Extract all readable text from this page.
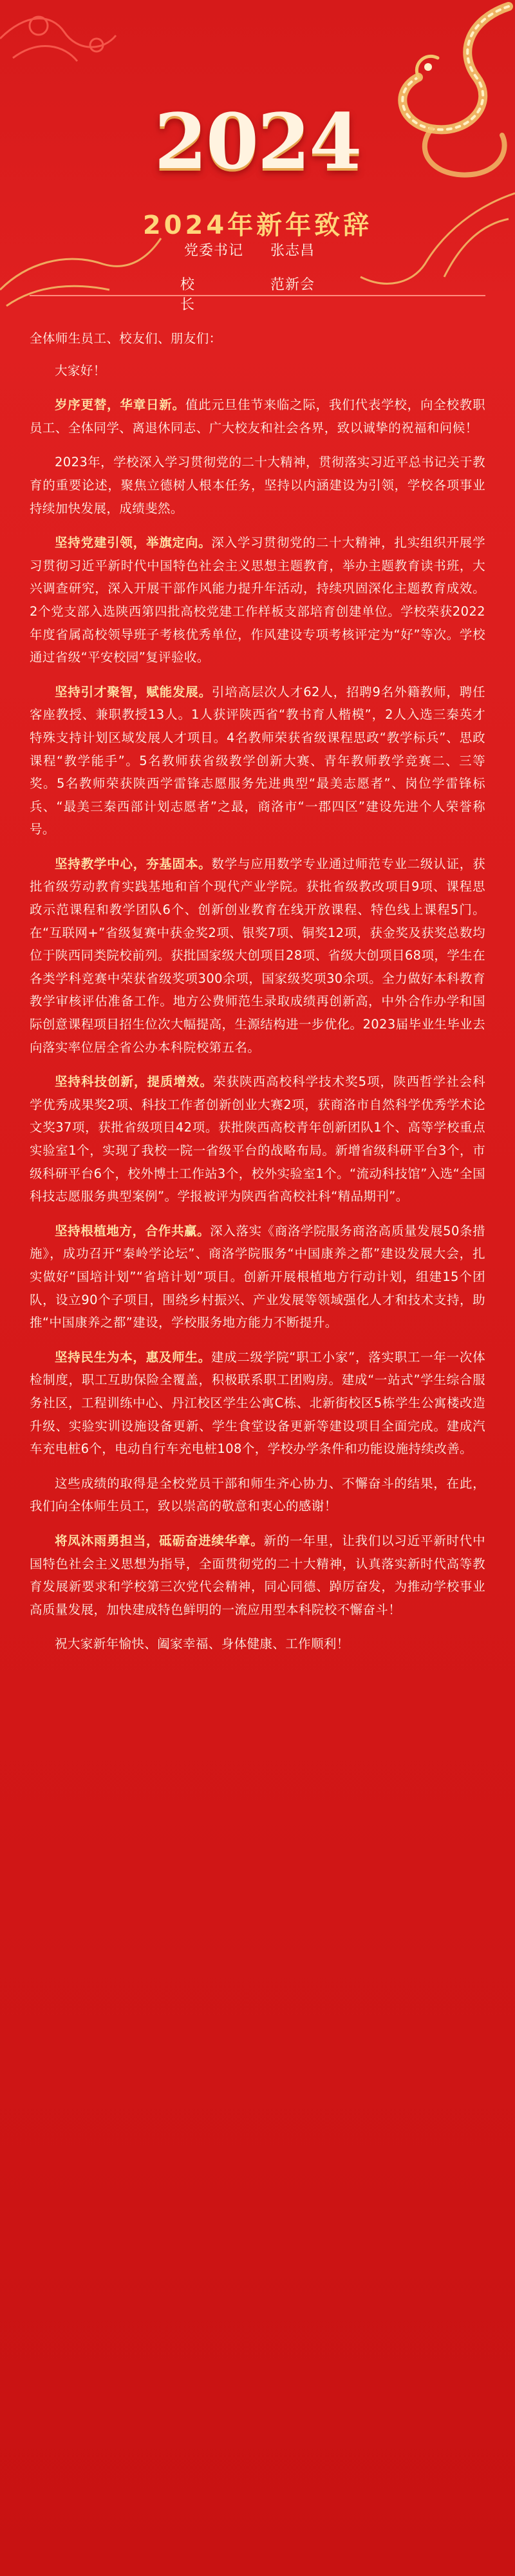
2024
2024年新年致辞
党委书记 张志昌
校长
范新会

全体师生员工、校友们、朋友们：

大家好！

岁序更替，华章日新。值此元旦佳节来临之际，我们代表学校，向全校教职员工、全体同学、离退休同志、广大校友和社会各界，致以诚挚的祝福和问候！

2023年，学校深入学习贯彻党的二十大精神，贯彻落实习近平总书记关于教育的重要论述，聚焦立德树人根本任务，坚持以内涵建设为引领，学校各项事业持续加快发展，成绩斐然。

坚持党建引领，举旗定向。深入学习贯彻党的二十大精神，扎实组织开展学习贯彻习近平新时代中国特色社会主义思想主题教育，举办主题教育读书班，大兴调查研究，深入开展干部作风能力提升年活动，持续巩固深化主题教育成效。2个党支部入选陕西第四批高校党建工作样板支部培育创建单位。学校荣获2022年度省属高校领导班子考核优秀单位，作风建设专项考核评定为“好”等次。学校通过省级“平安校园”复评验收。

坚持引才聚智，赋能发展。引培高层次人才62人，招聘9名外籍教师，聘任客座教授、兼职教授13人。1人获评陕西省“教书育人楷模”，2人入选三秦英才特殊支持计划区域发展人才项目。4名教师荣获省级课程思政“教学标兵”、思政课程“教学能手”。5名教师获省级教学创新大赛、青年教师教学竞赛二、三等奖。5名教师荣获陕西学雷锋志愿服务先进典型“最美志愿者”、岗位学雷锋标兵、“最美三秦西部计划志愿者”之最，商洛市“一郡四区”建设先进个人荣誉称号。

坚持教学中心，夯基固本。数学与应用数学专业通过师范专业二级认证，获批省级劳动教育实践基地和首个现代产业学院。获批省级教改项目9项、课程思政示范课程和教学团队6个、创新创业教育在线开放课程、特色线上课程5门。在“互联网+”省级复赛中获金奖2项、银奖7项、铜奖12项，获金奖及获奖总数均位于陕西同类院校前列。获批国家级大创项目28项、省级大创项目68项，学生在各类学科竞赛中荣获省级奖项300余项，国家级奖项30余项。全力做好本科教育教学审核评估准备工作。地方公费师范生录取成绩再创新高，中外合作办学和国际创意课程项目招生位次大幅提高，生源结构进一步优化。2023届毕业生毕业去向落实率位居全省公办本科院校第五名。

坚持科技创新，提质增效。荣获陕西高校科学技术奖5项，陕西哲学社会科学优秀成果奖2项、科技工作者创新创业大赛2项，获商洛市自然科学优秀学术论文奖37项，获批省级项目42项。获批陕西高校青年创新团队1个、高等学校重点实验室1个，实现了我校一院一省级平台的战略布局。新增省级科研平台3个，市级科研平台6个，校外博士工作站3个，校外实验室1个。“流动科技馆”入选“全国科技志愿服务典型案例”。学报被评为陕西省高校社科“精品期刊”。

坚持根植地方，合作共赢。深入落实《商洛学院服务商洛高质量发展50条措施》，成功召开“秦岭学论坛”、商洛学院服务“中国康养之都”建设发展大会，扎实做好“国培计划”“省培计划”项目。创新开展根植地方行动计划，组建15个团队，设立90个子项目，围绕乡村振兴、产业发展等领域强化人才和技术支持，助推“中国康养之都”建设，学校服务地方能力不断提升。

坚持民生为本，惠及师生。建成二级学院“职工小家”，落实职工一年一次体检制度，职工互助保险全覆盖，积极联系职工团购房。建成“一站式”学生综合服务社区，工程训练中心、丹江校区学生公寓C栋、北新街校区5栋学生公寓楼改造升级、实验实训设施设备更新、学生食堂设备更新等建设项目全面完成。建成汽车充电桩6个，电动自行车充电桩108个，学校办学条件和功能设施持续改善。

这些成绩的取得是全校党员干部和师生齐心协力、不懈奋斗的结果，在此，我们向全体师生员工，致以崇高的敬意和衷心的感谢！

将凤沐雨勇担当，砥砺奋进续华章。新的一年里，让我们以习近平新时代中国特色社会主义思想为指导，全面贯彻党的二十大精神，认真落实新时代高等教育发展新要求和学校第三次党代会精神，同心同德、踔厉奋发，为推动学校事业高质量发展，加快建成特色鲜明的一流应用型本科院校不懈奋斗！

祝大家新年愉快、阖家幸福、身体健康、工作顺利！
